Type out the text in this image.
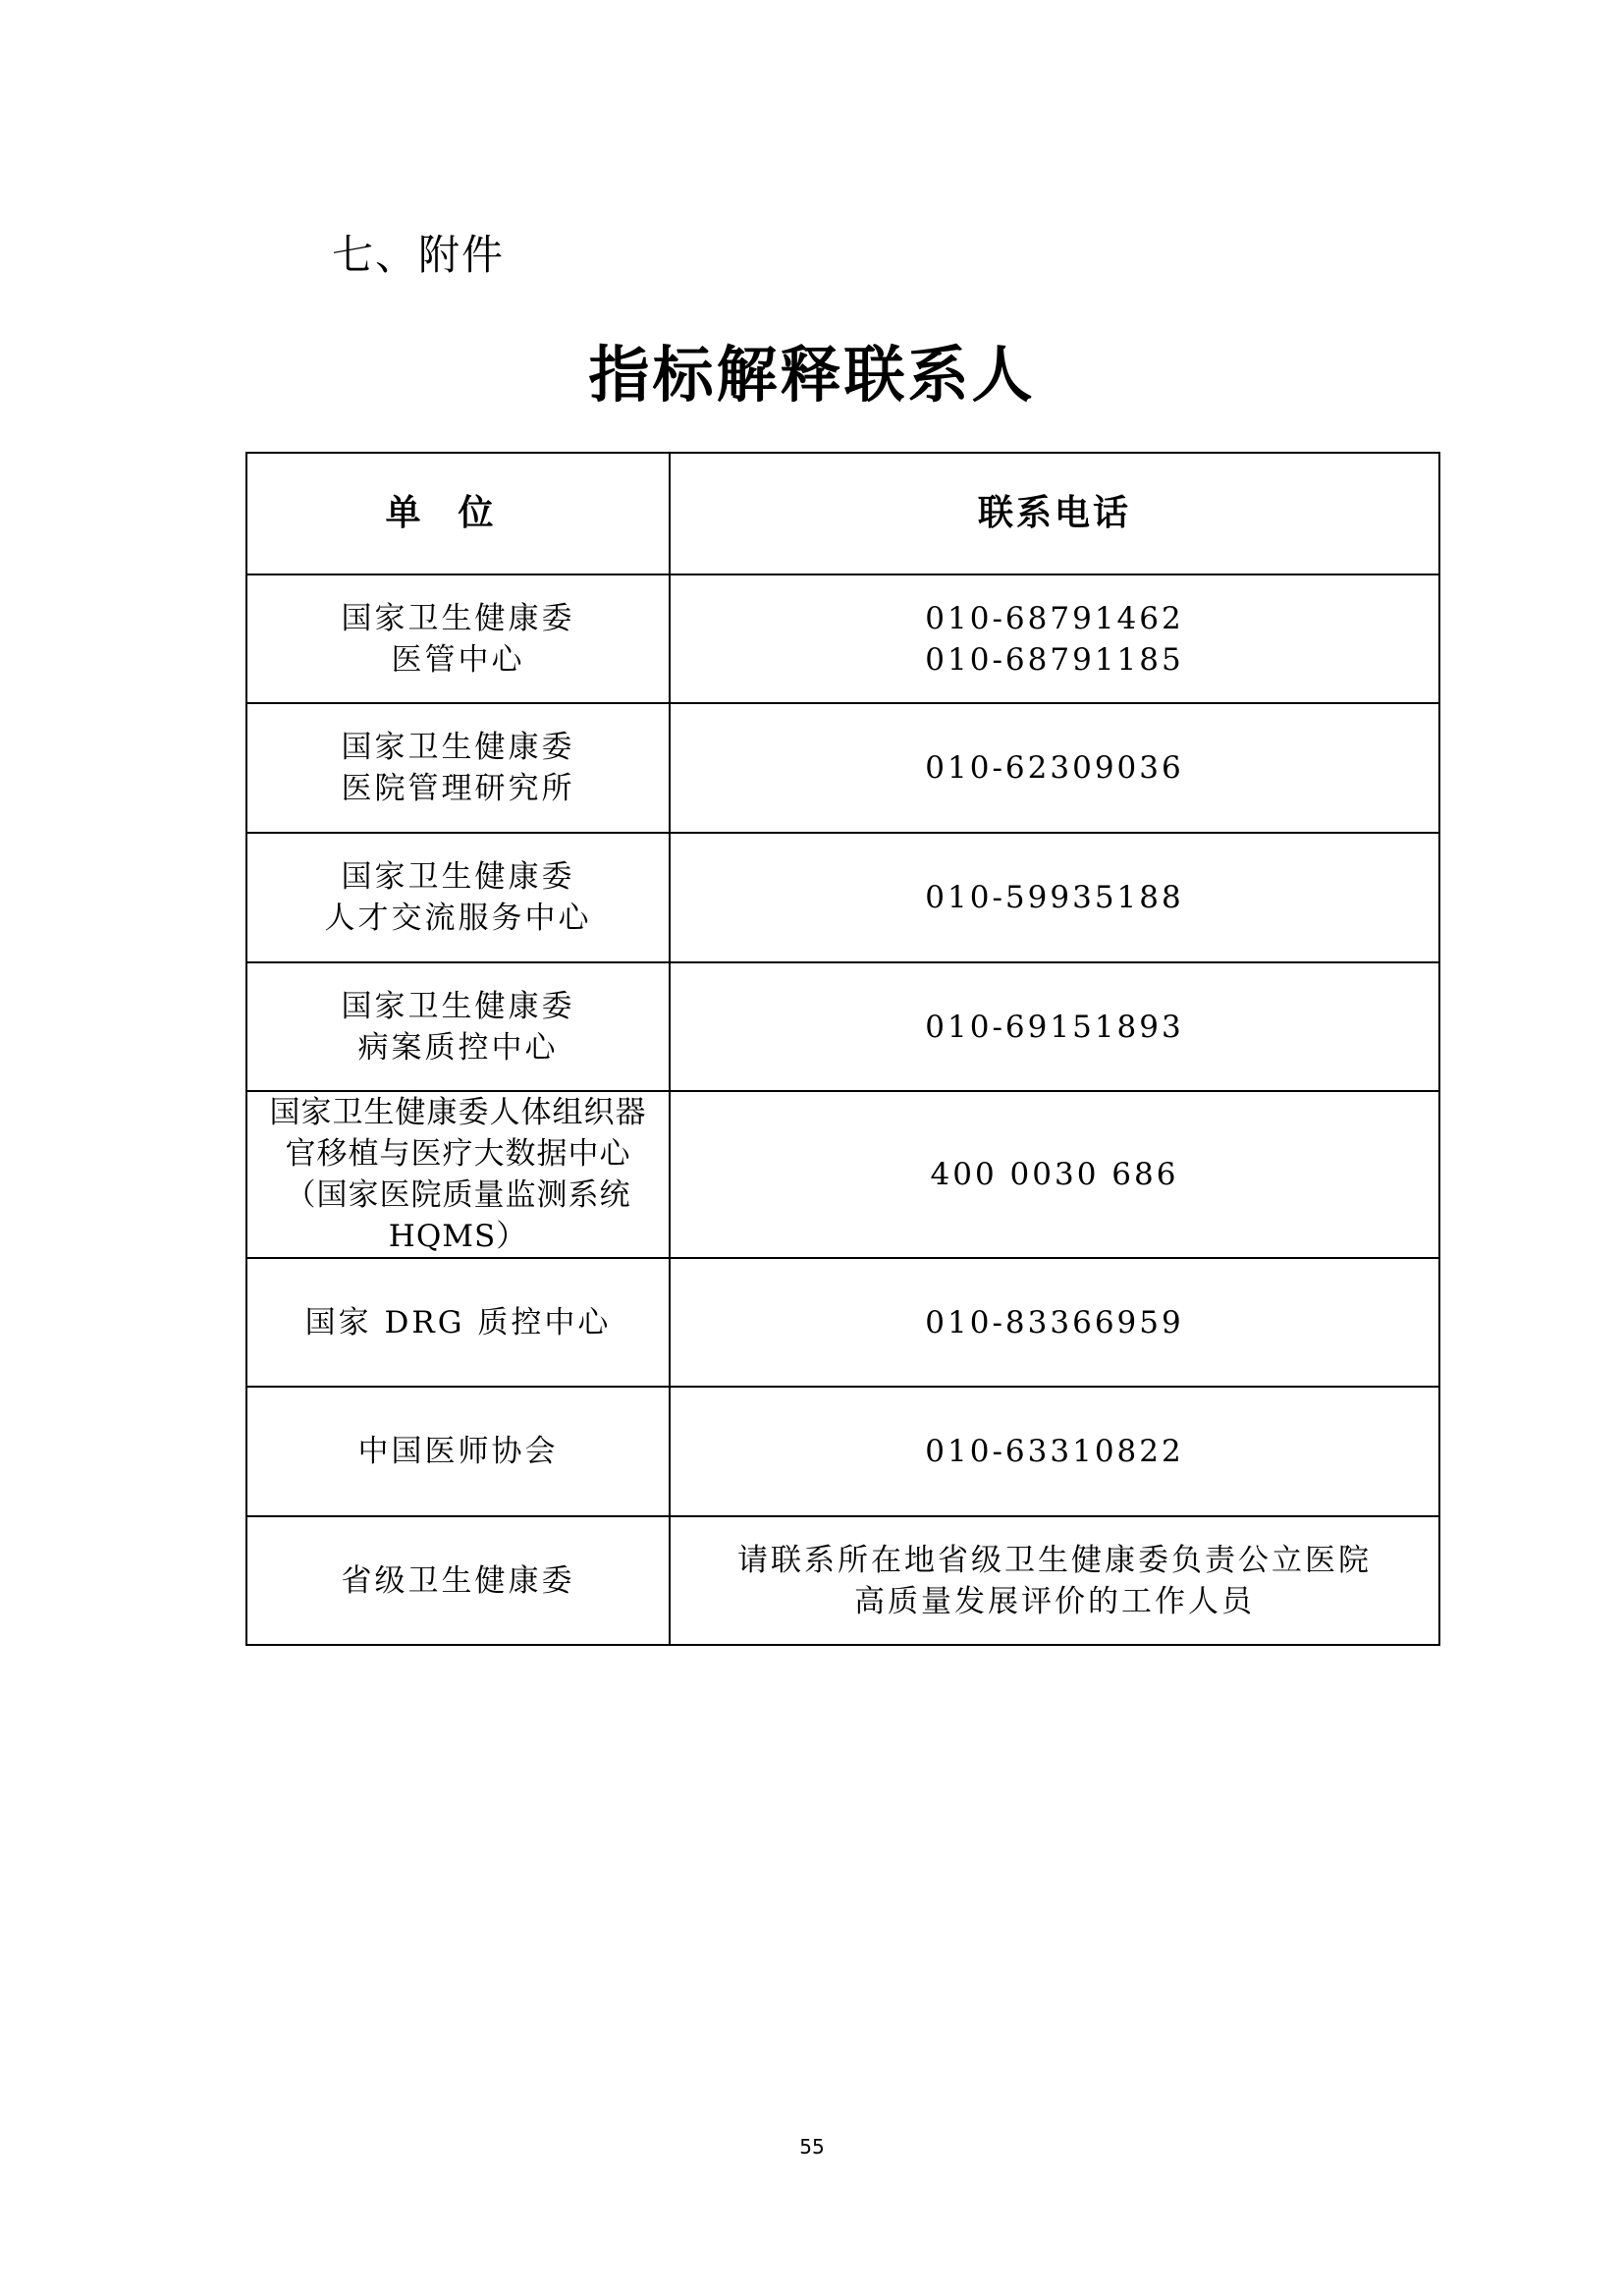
七、附件
指标解释联系人
单位	联系电话

国家卫生健康委
医管中心	010-68791462
010-68791185

国家卫生健康委
医院管理研究所	010-62309036

国家卫生健康委
人才交流服务中心	010-59935188

国家卫生健康委
病案质控中心	010-69151893

国家卫生健康委人体组织器
官移植与医疗大数据中心
（国家医院质量监测系统
HQMS）	400 0030 686

国家 DRG 质控中心	010-83366959

中国医师协会	010-63310822

省级卫生健康委	请联系所在地省级卫生健康委负责公立医院
高质量发展评价的工作人员
55
